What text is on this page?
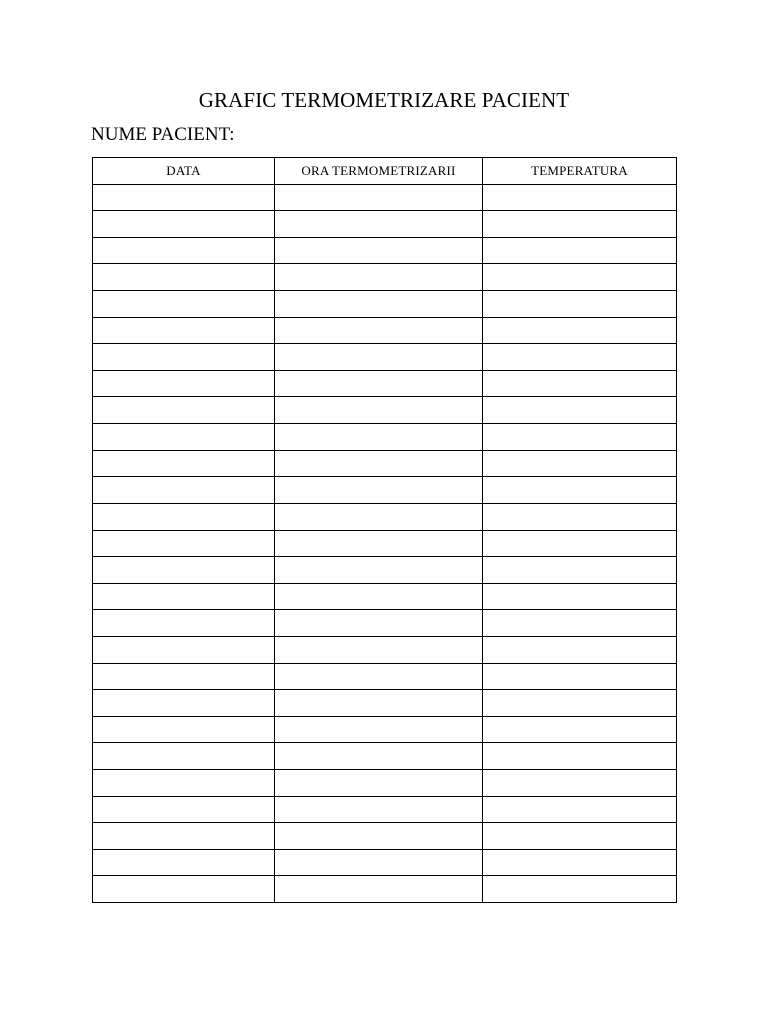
GRAFIC TERMOMETRIZARE PACIENT
NUME PACIENT:
DATA	ORA TERMOMETRIZARII	TEMPERATURA
